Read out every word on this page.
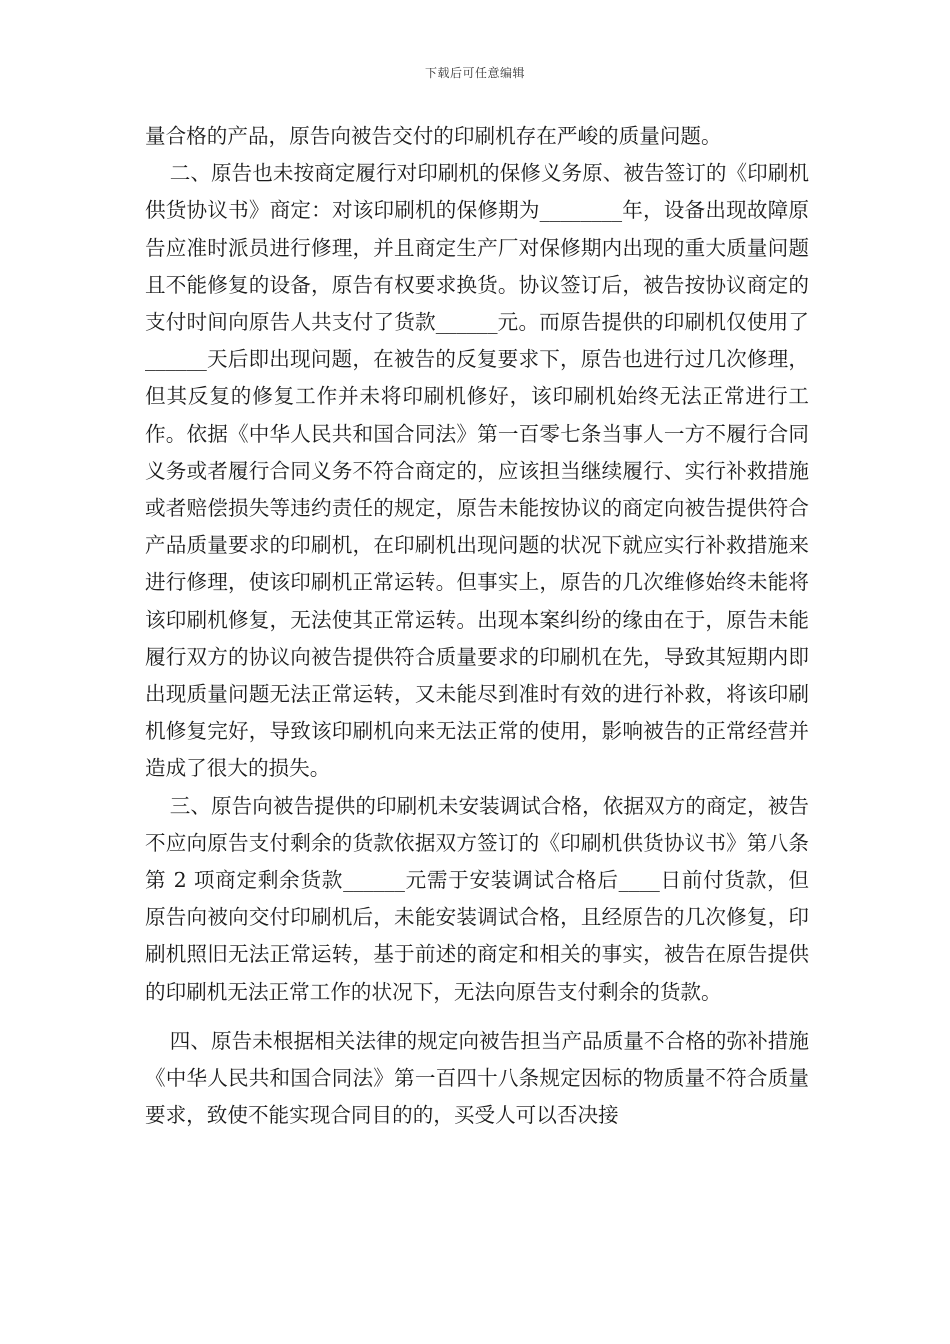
下载后可任意编辑

量合格的产品，原告向被告交付的印刷机存在严峻的质量问题。

二、原告也未按商定履行对印刷机的保修义务原、被告签订的《印刷机供货协议书》商定：对该印刷机的保修期为________年，设备出现故障原告应准时派员进行修理，并且商定生产厂对保修期内出现的重大质量问题且不能修复的设备，原告有权要求换货。协议签订后，被告按协议商定的支付时间向原告人共支付了货款______元。而原告提供的印刷机仅使用了______天后即出现问题，在被告的反复要求下，原告也进行过几次修理，但其反复的修复工作并未将印刷机修好，该印刷机始终无法正常进行工作。依据《中华人民共和国合同法》第一百零七条当事人一方不履行合同义务或者履行合同义务不符合商定的，应该担当继续履行、实行补救措施或者赔偿损失等违约责任的规定，原告未能按协议的商定向被告提供符合产品质量要求的印刷机，在印刷机出现问题的状况下就应实行补救措施来进行修理，使该印刷机正常运转。但事实上，原告的几次维修始终未能将该印刷机修复，无法使其正常运转。出现本案纠纷的缘由在于，原告未能履行双方的协议向被告提供符合质量要求的印刷机在先，导致其短期内即出现质量问题无法正常运转，又未能尽到准时有效的进行补救，将该印刷机修复完好，导致该印刷机向来无法正常的使用，影响被告的正常经营并造成了很大的损失。

三、原告向被告提供的印刷机未安装调试合格，依据双方的商定，被告不应向原告支付剩余的货款依据双方签订的《印刷机供货协议书》第八条第 2 项商定剩余货款______元需于安装调试合格后____日前付货款，但原告向被向交付印刷机后，未能安装调试合格，且经原告的几次修复，印刷机照旧无法正常运转，基于前述的商定和相关的事实，被告在原告提供的印刷机无法正常工作的状况下，无法向原告支付剩余的货款。

四、原告未根据相关法律的规定向被告担当产品质量不合格的弥补措施《中华人民共和国合同法》第一百四十八条规定因标的物质量不符合质量要求，致使不能实现合同目的的，买受人可以否决接
